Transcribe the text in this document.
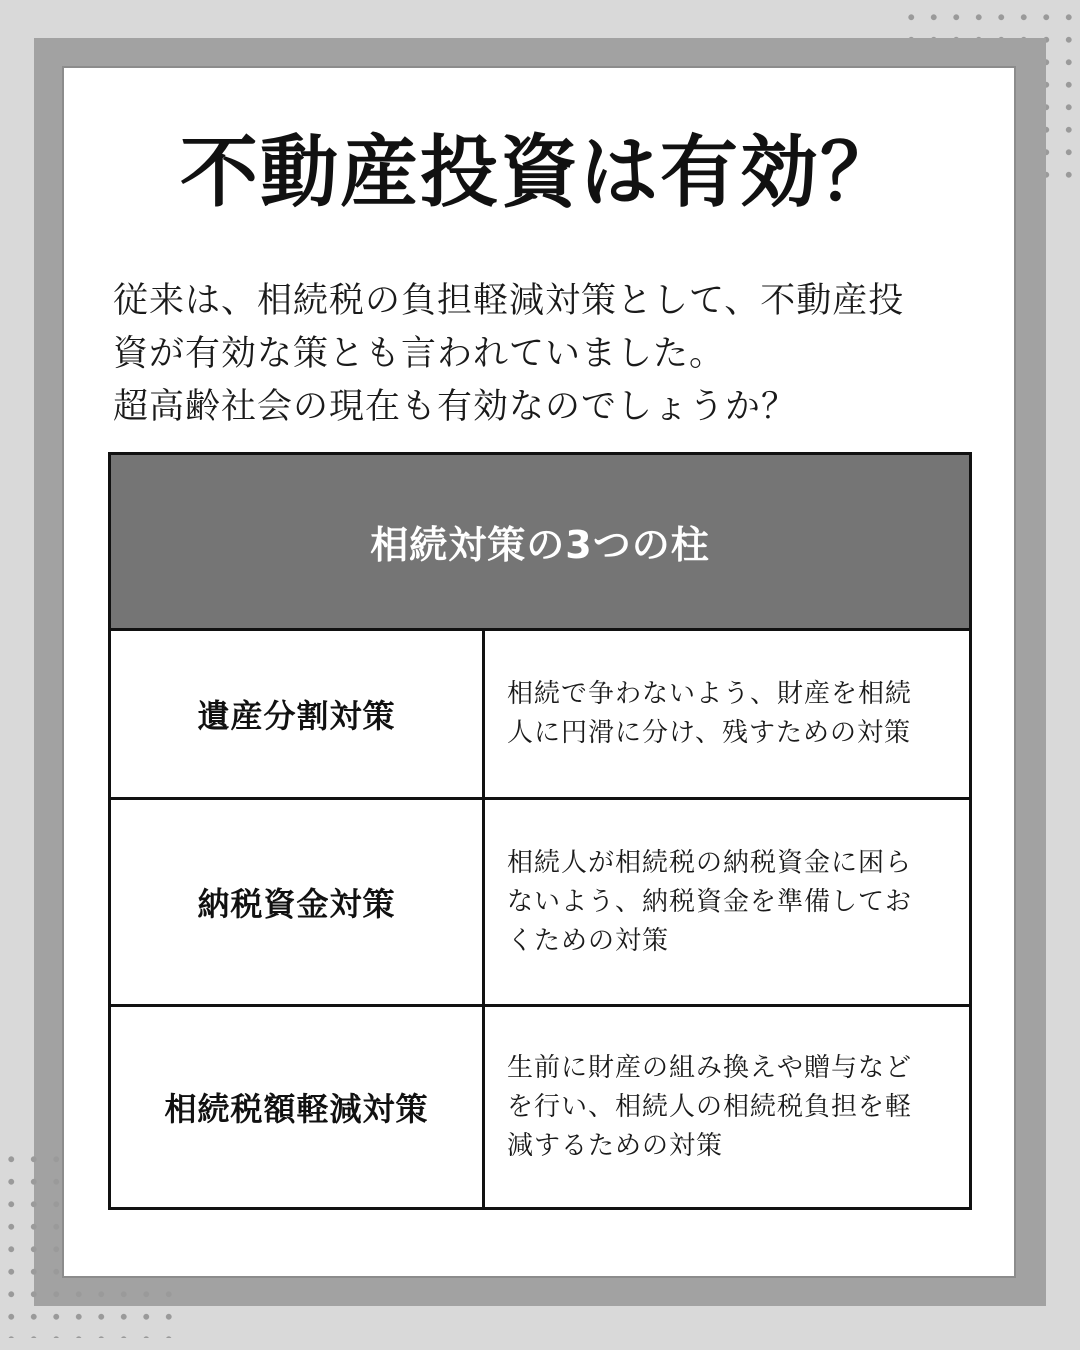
不動産投資は有効？
従来は、相続税の負担軽減対策として、不動産投
資が有効な策とも言われていました。
超高齢社会の現在も有効なのでしょうか？
相続対策の3つの柱
遺産分割対策
相続で争わないよう、財産を相続
人に円滑に分け、残すための対策
納税資金対策
相続人が相続税の納税資金に困ら
ないよう、納税資金を準備してお
くための対策
相続税額軽減対策
生前に財産の組み換えや贈与など
を行い、相続人の相続税負担を軽
減するための対策
